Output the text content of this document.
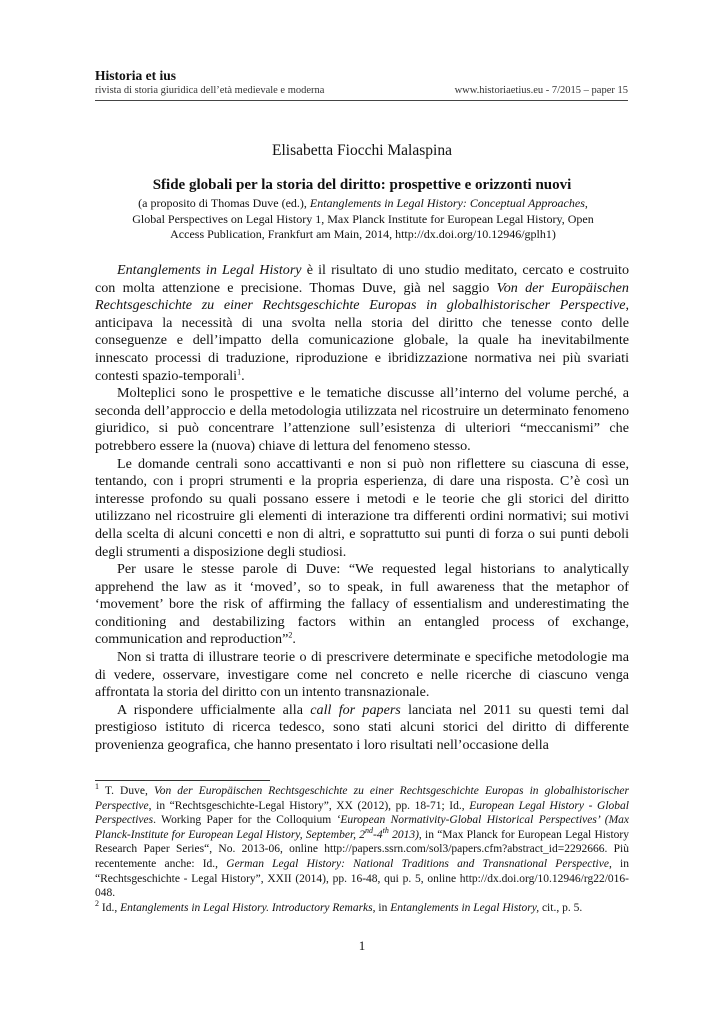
Historia et ius
rivista di storia giuridica dell’età medievale e moderna	www.historiaetius.eu - 7/2015 – paper 15
Elisabetta Fiocchi Malaspina
Sfide globali per la storia del diritto: prospettive e orizzonti nuovi
(a proposito di Thomas Duve (ed.), Entanglements in Legal History: Conceptual Approaches, Global Perspectives on Legal History 1, Max Planck Institute for European Legal History, Open Access Publication, Frankfurt am Main, 2014, http://dx.doi.org/10.12946/gplh1)

Entanglements in Legal History è il risultato di uno studio meditato, cercato e costruito con molta attenzione e precisione. Thomas Duve, già nel saggio Von der Europäischen Rechtsgeschichte zu einer Rechtsgeschichte Europas in globalhistorischer Perspective, anticipava la necessità di una svolta nella storia del diritto che tenesse conto delle conseguenze e dell’impatto della comunicazione globale, la quale ha inevitabilmente innescato processi di traduzione, riproduzione e ibridizzazione normativa nei più svariati contesti spazio-temporali$^1$.

Molteplici sono le prospettive e le tematiche discusse all’interno del volume perché, a seconda dell’approccio e della metodologia utilizzata nel ricostruire un determinato fenomeno giuridico, si può concentrare l’attenzione sull’esistenza di ulteriori “meccanismi” che potrebbero essere la (nuova) chiave di lettura del fenomeno stesso.

Le domande centrali sono accattivanti e non si può non riflettere su ciascuna di esse, tentando, con i propri strumenti e la propria esperienza, di dare una risposta. C’è così un interesse profondo su quali possano essere i metodi e le teorie che gli storici del diritto utilizzano nel ricostruire gli elementi di interazione tra differenti ordini normativi; sui motivi della scelta di alcuni concetti e non di altri, e soprattutto sui punti di forza o sui punti deboli degli strumenti a disposizione degli studiosi.

Per usare le stesse parole di Duve: “We requested legal historians to analytically apprehend the law as it ‘moved’, so to speak, in full awareness that the metaphor of ‘movement’ bore the risk of affirming the fallacy of essentialism and underestimating the conditioning and destabilizing factors within an entangled process of exchange, communication and reproduction”$^2$.

Non si tratta di illustrare teorie o di prescrivere determinate e specifiche metodologie ma di vedere, osservare, investigare come nel concreto e nelle ricerche di ciascuno venga affrontata la storia del diritto con un intento transnazionale.

A rispondere ufficialmente alla call for papers lanciata nel 2011 su questi temi dal prestigioso istituto di ricerca tedesco, sono stati alcuni storici del diritto di differente provenienza geografica, che hanno presentato i loro risultati nell’occasione della

$^1$ T. Duve, Von der Europäischen Rechtsgeschichte zu einer Rechtsgeschichte Europas in globalhistorischer Perspective, in “Rechtsgeschichte-Legal History”, XX (2012), pp. 18-71; Id., European Legal History - Global Perspectives. Working Paper for the Colloquium ‘European Normativity-Global Historical Perspectives’ (Max Planck-Institute for European Legal History, September, 2nd-4th 2013), in “Max Planck for European Legal History Research Paper Series“, No. 2013-06, online http://papers.ssrn.com/sol3/papers.cfm?abstract_id=2292666. Più recentemente anche: Id., German Legal History: National Traditions and Transnational Perspective, in “Rechtsgeschichte - Legal History”, XXII (2014), pp. 16-48, qui p. 5, online http://dx.doi.org/10.12946/rg22/016-048.

$^2$ Id., Entanglements in Legal History. Introductory Remarks, in Entanglements in Legal History, cit., p. 5.

1
